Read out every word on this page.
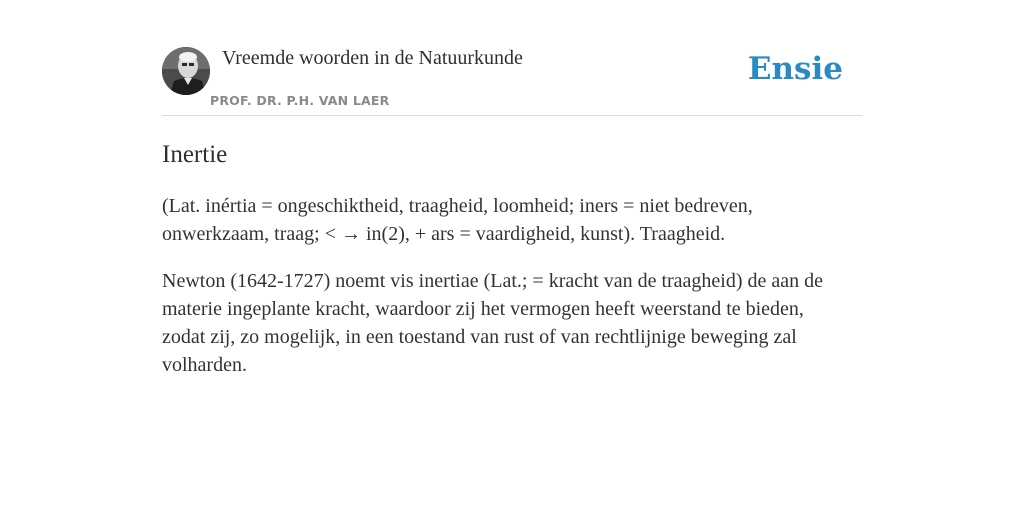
Vreemde woorden in de Natuurkunde
PROF. DR. P.H. VAN LAER
Ensie
Inertie

(Lat. inértia = ongeschiktheid, traagheid, loomheid; iners = niet bedreven, onwerkzaam, traag; < → in(2), + ars = vaardigheid, kunst). Traagheid.

Newton (1642-1727) noemt vis inertiae (Lat.; = kracht van de traagheid) de aan de materie ingeplante kracht, waardoor zij het vermogen heeft weerstand te bieden, zodat zij, zo mogelijk, in een toestand van rust of van rechtlijnige beweging zal volharden.
